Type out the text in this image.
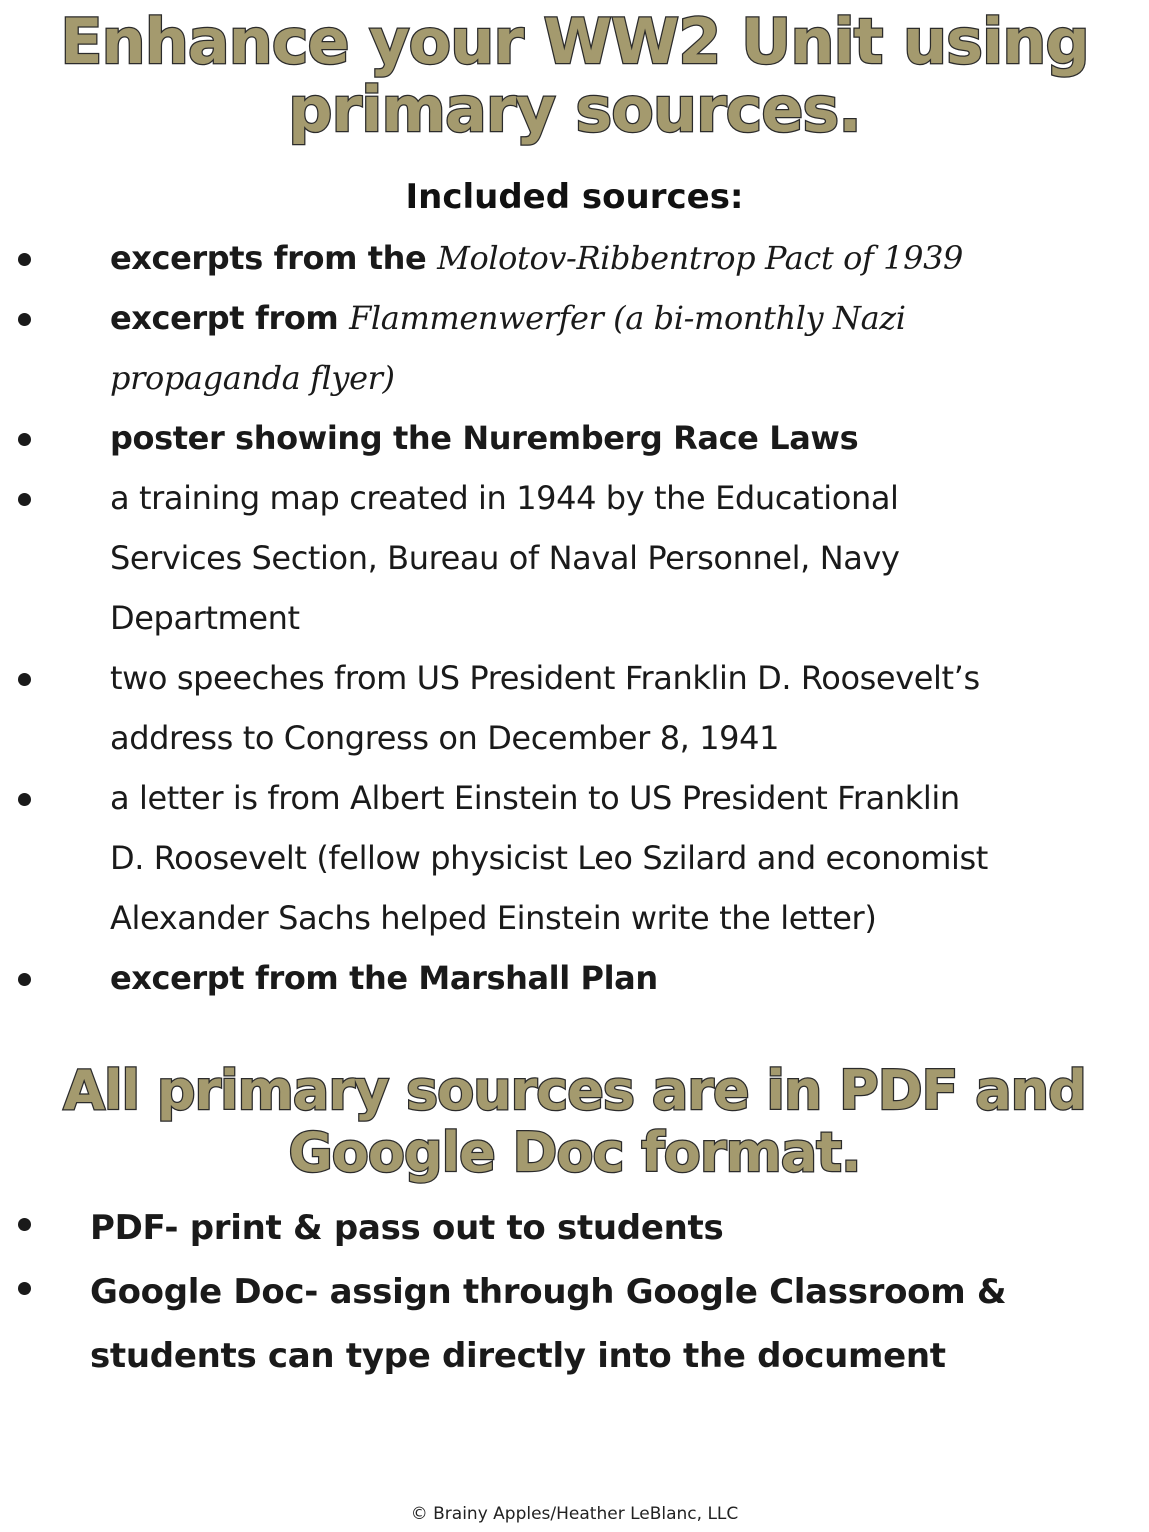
Enhance your WW2 Unit using
primary sources.
Included sources:
excerpts from the Molotov-Ribbentrop Pact of 1939
excerpt from Flammenwerfer (a bi-monthly Nazi
propaganda flyer)
poster showing the Nuremberg Race Laws
a training map created in 1944 by the Educational
Services Section, Bureau of Naval Personnel, Navy
Department
two speeches from US President Franklin D. Roosevelt’s
address to Congress on December 8, 1941
a letter is from Albert Einstein to US President Franklin
D. Roosevelt (fellow physicist Leo Szilard and economist
Alexander Sachs helped Einstein write the letter)
excerpt from the Marshall Plan
All primary sources are in PDF and
Google Doc format.
PDF- print & pass out to students
Google Doc- assign through Google Classroom &
students can type directly into the document
© Brainy Apples/Heather LeBlanc, LLC
